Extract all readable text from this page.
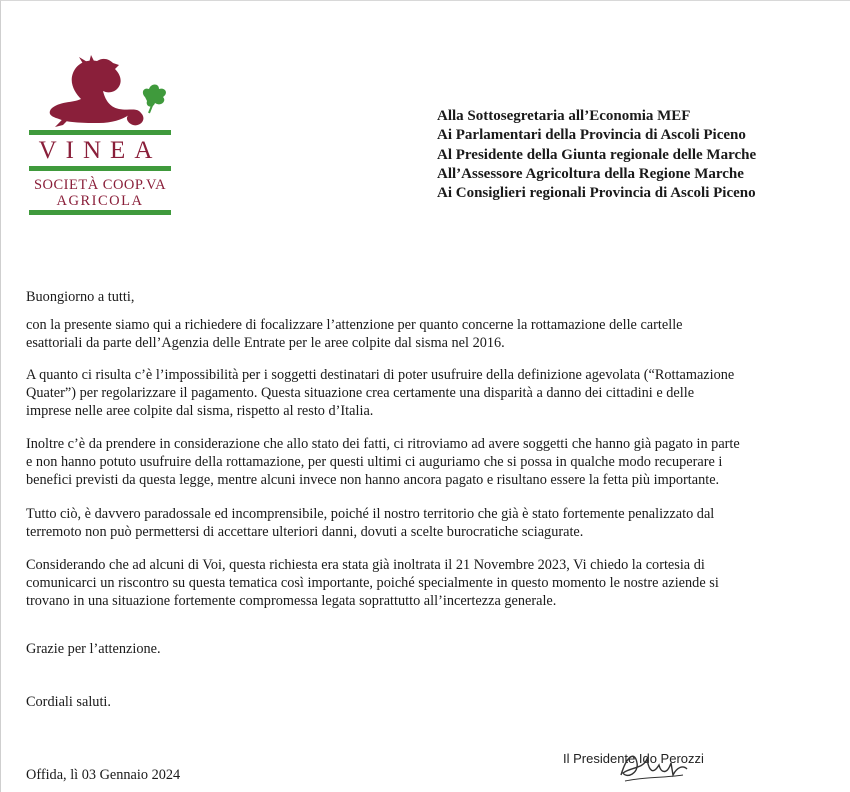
VINEA
SOCIETÀ COOP.VA
AGRICOLA
Alla Sottosegretaria all’Economia MEF
Ai Parlamentari della Provincia di Ascoli Piceno
Al Presidente della Giunta regionale delle Marche
All’Assessore Agricoltura della Regione Marche
Ai Consiglieri regionali Provincia di Ascoli Piceno

Buongiorno a tutti,

con la presente siamo qui a richiedere di focalizzare l’attenzione per quanto concerne la rottamazione delle cartelle
esattoriali da parte dell’Agenzia delle Entrate per le aree colpite dal sisma nel 2016.
A quanto ci risulta c’è l’impossibilità per i soggetti destinatari di poter usufruire della definizione agevolata (“Rottamazione
Quater”) per regolarizzare il pagamento. Questa situazione crea certamente una disparità a danno dei cittadini e delle
imprese nelle aree colpite dal sisma, rispetto al resto d’Italia.
Inoltre c’è da prendere in considerazione che allo stato dei fatti, ci ritroviamo ad avere soggetti che hanno già pagato in parte
e non hanno potuto usufruire della rottamazione, per questi ultimi ci auguriamo che si possa in qualche modo recuperare i
benefici previsti da questa legge, mentre alcuni invece non hanno ancora pagato e risultano essere la fetta più importante.
Tutto ciò, è davvero paradossale ed incomprensibile, poiché il nostro territorio che già è stato fortemente penalizzato dal
terremoto non può permettersi di accettare ulteriori danni, dovuti a scelte burocratiche sciagurate.
Considerando che ad alcuni di Voi, questa richiesta era stata già inoltrata il 21 Novembre 2023, Vi chiedo la cortesia di
comunicarci un riscontro su questa tematica così importante, poiché specialmente in questo momento le nostre aziende si
trovano in una situazione fortemente compromessa legata soprattutto all’incertezza generale.
Grazie per l’attenzione.
Cordiali saluti.
Offida, lì 03 Gennaio 2024
Il Presidente Ido Perozzi
